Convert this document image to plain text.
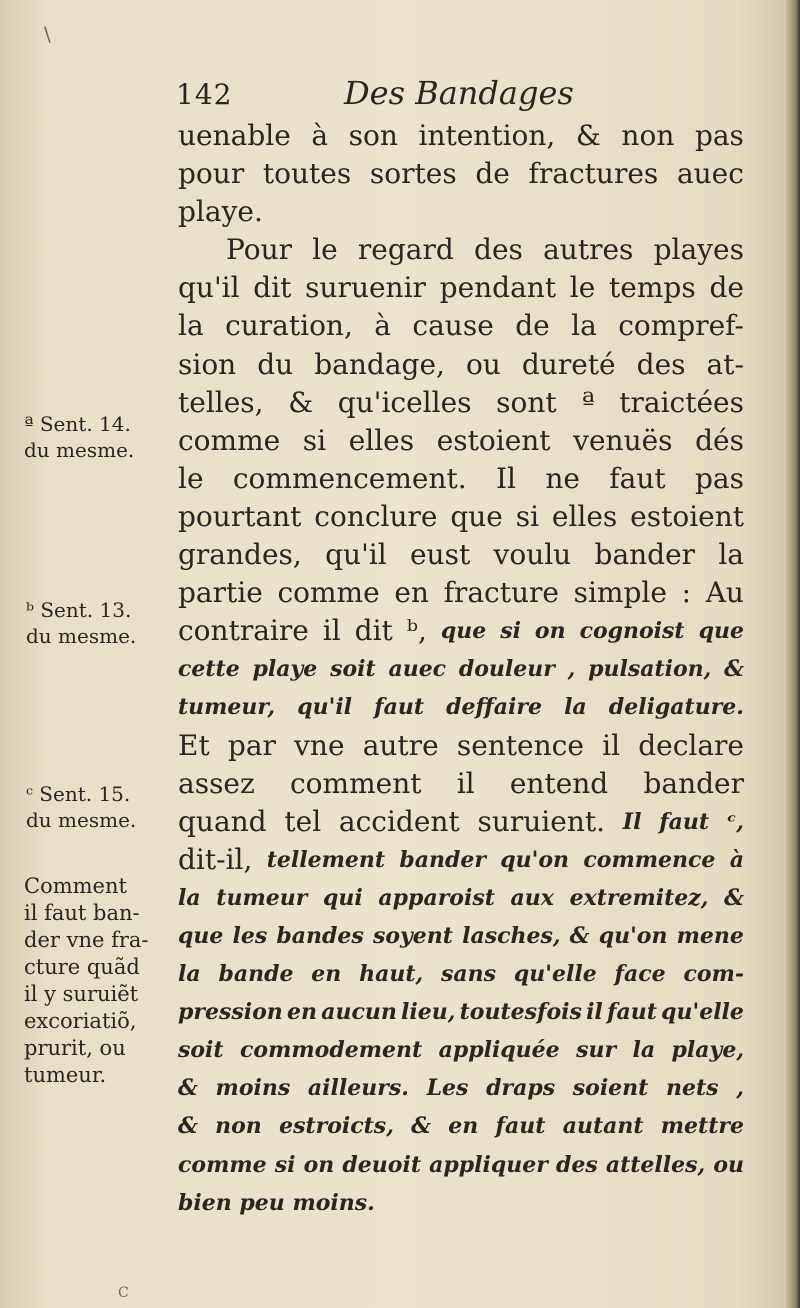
\
142	Des Bandages
uenable à son intention, & non pas
pour toutes sortes de fractures auec
playe.
Pour le regard des autres playes
qu'il dit suruenir pendant le temps de
la curation, à cause de la compref-
sion du bandage, ou dureté des at-
telles, & qu'icelles sont ª traictées
comme si elles estoient venuës dés
le commencement. Il ne faut pas
pourtant conclure que si elles estoient
grandes, qu'il eust voulu bander la
partie comme en fracture simple : Au
contraire il dit ᵇ, que si on cognoist que
cette playe soit auec douleur , pulsation, &
tumeur, qu'il faut deffaire la deligature.
Et par vne autre sentence il declare
assez comment il entend bander
quand tel accident suruient. Il faut ᶜ,
dit-il, tellement bander qu'on commence à
la tumeur qui apparoist aux extremitez, &
que les bandes soyent lasches, & qu'on mene
la bande en haut, sans qu'elle face com-
pression en aucun lieu, toutesfois il faut qu'elle
soit commodement appliquée sur la playe,
& moins ailleurs. Les draps soient nets ,
& non estroicts, & en faut autant mettre
comme si on deuoit appliquer des attelles, ou
bien peu moins.
ª Sent. 14.
du mesme.
ᵇ Sent. 13.
du mesme.
ᶜ Sent. 15.
du mesme.
Comment
il faut ban-
der vne fra-
cture quãd
il y suruiẽt
excoriatiõ,
prurit, ou
tumeur.
C
